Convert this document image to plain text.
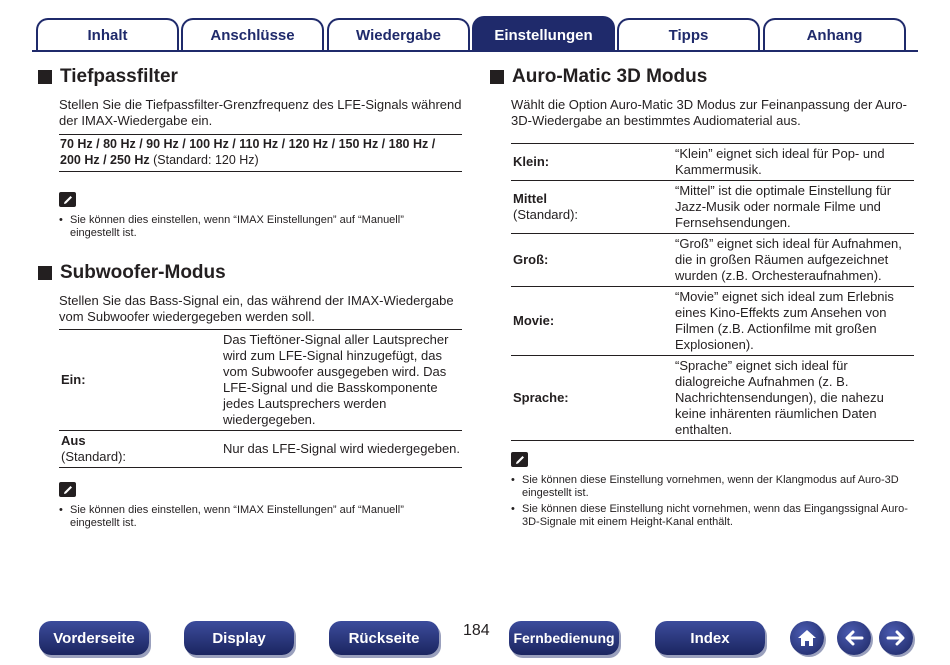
Inhalt	Anschlüsse	Wiedergabe	Einstellungen	Tipps	Anhang
Tiefpassfilter
Stellen Sie die Tiefpassfilter-Grenzfrequenz des LFE-Signals während der IMAX-Wiedergabe ein.
70 Hz / 80 Hz / 90 Hz / 100 Hz / 110 Hz / 120 Hz / 150 Hz / 180 Hz /
200 Hz / 250 Hz (Standard: 120 Hz)
• Sie können dies einstellen, wenn “IMAX Einstellungen” auf “Manuell” eingestellt ist.
Subwoofer-Modus
Stellen Sie das Bass-Signal ein, das während der IMAX-Wiedergabe vom Subwoofer wiedergegeben werden soll.
Ein:	Das Tieftöner-Signal aller Lautsprecher wird zum LFE-Signal hinzugefügt, das vom Subwoofer ausgegeben wird. Das LFE-Signal und die Basskomponente jedes Lautsprechers werden wiedergegeben.
Aus
(Standard):	Nur das LFE-Signal wird wiedergegeben.
• Sie können dies einstellen, wenn “IMAX Einstellungen” auf “Manuell” eingestellt ist.
Auro-Matic 3D Modus
Wählt die Option Auro-Matic 3D Modus zur Feinanpassung der Auro-3D-Wiedergabe an bestimmtes Audiomaterial aus.
Klein:	“Klein” eignet sich ideal für Pop- und Kammermusik.
Mittel
(Standard):	“Mittel” ist die optimale Einstellung für Jazz-Musik oder normale Filme und Fernsehsendungen.
Groß:	“Groß” eignet sich ideal für Aufnahmen, die in großen Räumen aufgezeichnet wurden (z.B. Orchesteraufnahmen).
Movie:	“Movie” eignet sich ideal zum Erlebnis eines Kino-Effekts zum Ansehen von Filmen (z.B. Actionfilme mit großen Explosionen).
Sprache:	“Sprache” eignet sich ideal für dialogreiche Aufnahmen (z. B. Nachrichtensendungen), die nahezu keine inhärenten räumlichen Daten enthalten.
• Sie können diese Einstellung vornehmen, wenn der Klangmodus auf Auro-3D eingestellt ist.
• Sie können diese Einstellung nicht vornehmen, wenn das Eingangssignal Auro-3D-Signale mit einem Height-Kanal enthält.
Vorderseite	Display	Rückseite	184	Fernbedienung	Index
